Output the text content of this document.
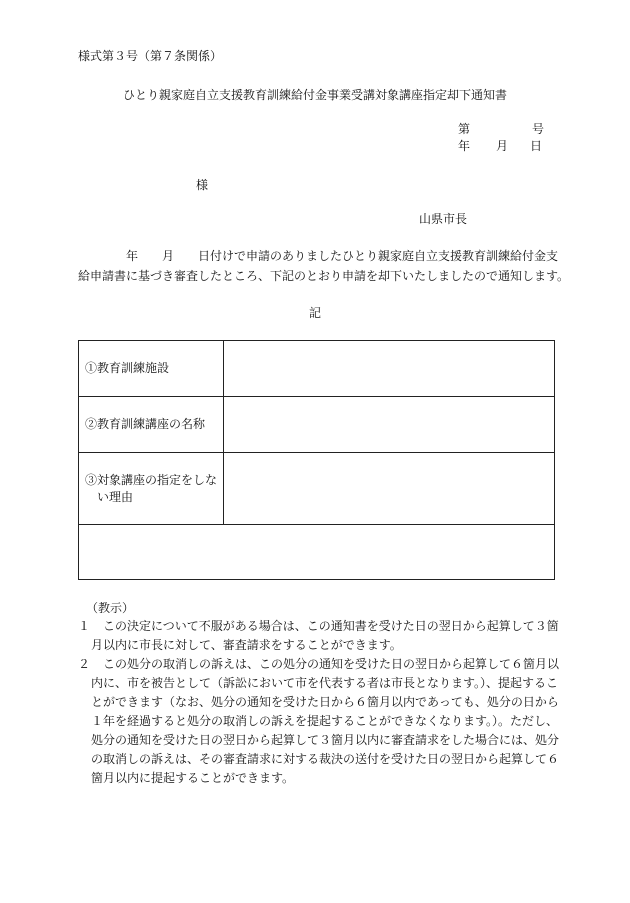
様式第３号（第７条関係）
ひとり親家庭自立支援教育訓練給付金事業受講対象講座指定却下通知書
第	号
年	月	日
様
山県市長
　　　　年　　月　　日付けで申請のありましたひとり親家庭自立支援教育訓練給付金支
給申請書に基づき審査したところ、下記のとおり申請を却下いたしましたので通知します。
記
①教育訓練施設	
②教育訓練講座の名称	

③対象講座の指定をしな
　い理由	

（教示）
１ 　この決定について不服がある場合は、この通知書を受けた日の翌日から起算して３箇
月以内に市長に対して、審査請求をすることができます。
２ 　この処分の取消しの訴えは、この処分の通知を受けた日の翌日から起算して６箇月以
内に、市を被告として（訴訟において市を代表する者は市長となります。）、提起するこ
とができます（なお、処分の通知を受けた日から６箇月以内であっても、処分の日から
１年を経過すると処分の取消しの訴えを提起することができなくなります。）。ただし、
処分の通知を受けた日の翌日から起算して３箇月以内に審査請求をした場合には、処分
の取消しの訴えは、その審査請求に対する裁決の送付を受けた日の翌日から起算して６
箇月以内に提起することができます。
